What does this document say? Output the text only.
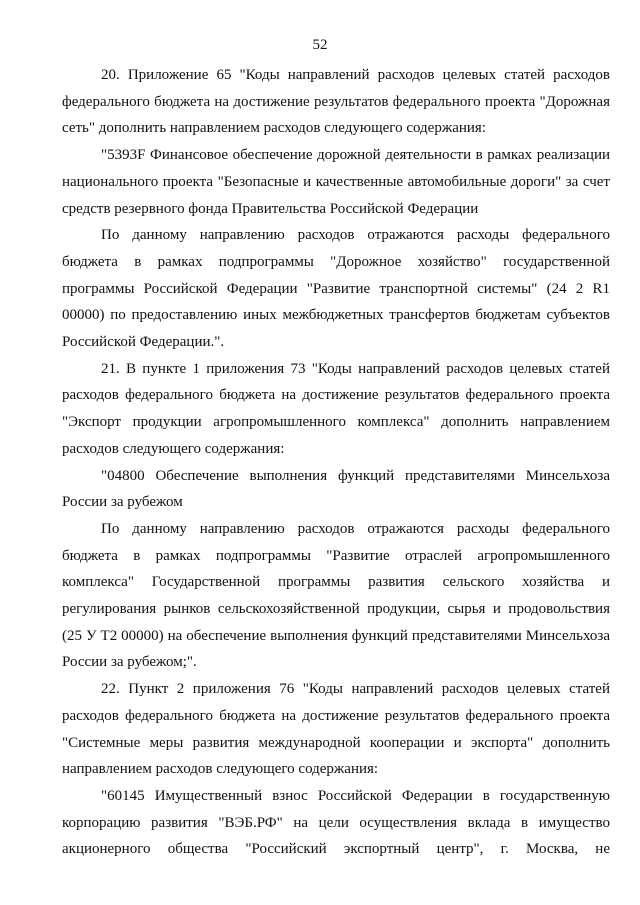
52

20. Приложение 65 "Коды направлений расходов целевых статей расходов федерального бюджета на достижение результатов федерального проекта "Дорожная сеть" дополнить направлением расходов следующего содержания:

"5393F Финансовое обеспечение дорожной деятельности в рамках реализации национального проекта "Безопасные и качественные автомобильные дороги" за счет средств резервного фонда Правительства Российской Федерации

По данному направлению расходов отражаются расходы федерального бюджета в рамках подпрограммы "Дорожное хозяйство" государственной программы Российской Федерации "Развитие транспортной системы" (24 2 R1 00000) по предоставлению иных межбюджетных трансфертов бюджетам субъектов Российской Федерации.".

21. В пункте 1 приложения 73 "Коды направлений расходов целевых статей расходов федерального бюджета на достижение результатов федерального проекта "Экспорт продукции агропромышленного комплекса" дополнить направлением расходов следующего содержания:

"04800 Обеспечение выполнения функций представителями Минсельхоза России за рубежом

По данному направлению расходов отражаются расходы федерального бюджета в рамках подпрограммы "Развитие отраслей агропромышленного комплекса" Государственной программы развития сельского хозяйства и регулирования рынков сельскохозяйственной продукции, сырья и продовольствия (25 У Т2 00000) на обеспечение выполнения функций представителями Минсельхоза России за рубежом;".

22. Пункт 2 приложения 76 "Коды направлений расходов целевых статей расходов федерального бюджета на достижение результатов федерального проекта "Системные меры развития международной кооперации и экспорта" дополнить направлением расходов следующего содержания:

"60145 Имущественный взнос Российской Федерации в государственную корпорацию развития "ВЭБ.РФ" на цели осуществления вклада в имущество акционерного общества "Российский экспортный центр", г. Москва, не
